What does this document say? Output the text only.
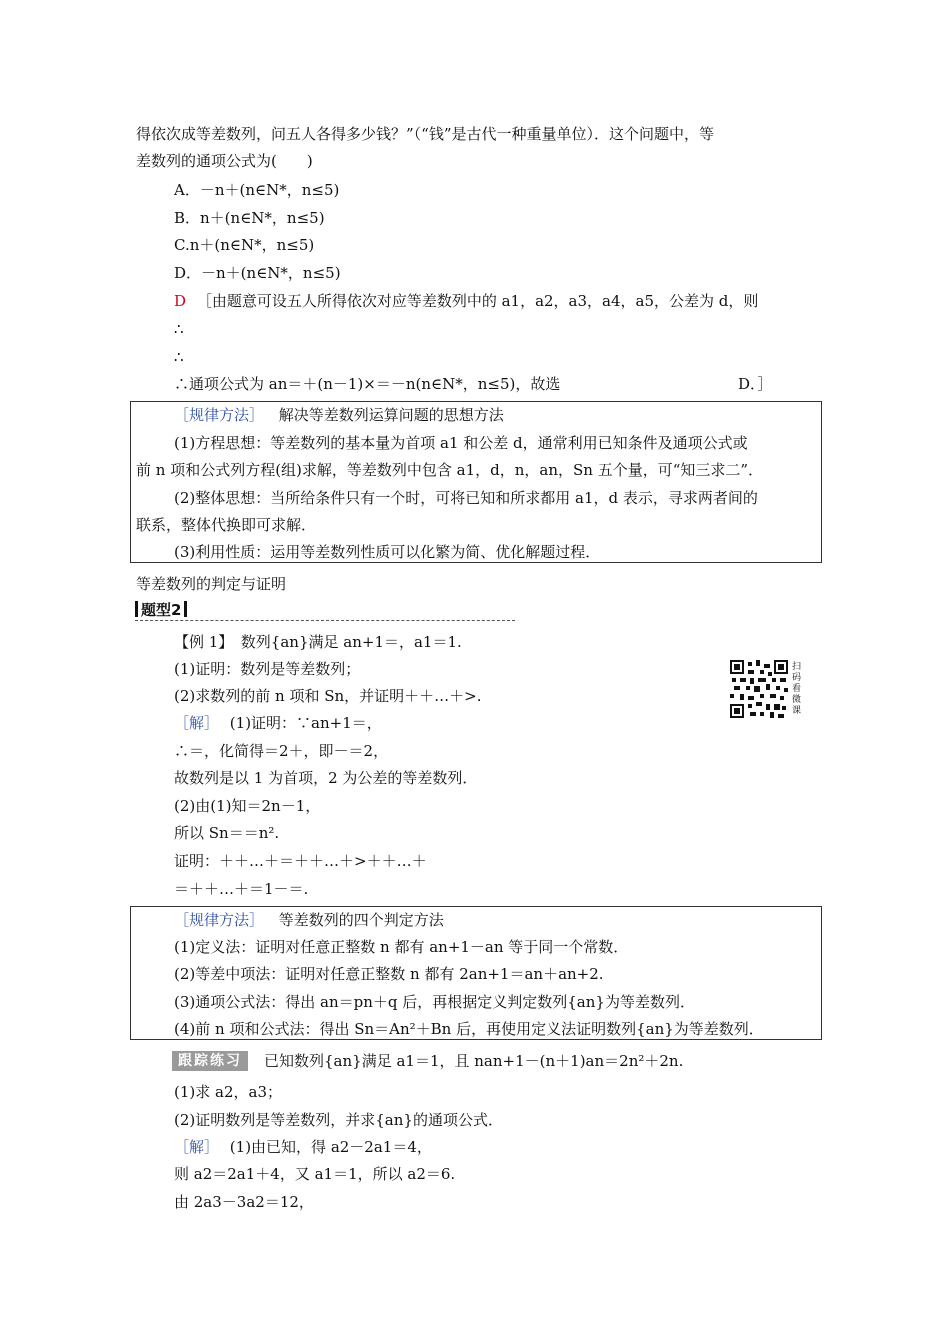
得依次成等差数列，问五人各得多少钱？”（“钱”是古代一种重量单位）．这个问题中，等
差数列的通项公式为(　　)
A．－n＋(n∈N*，n≤5)
B．n＋(n∈N*，n≤5)
C.n＋(n∈N*，n≤5)
D．－n＋(n∈N*，n≤5)
D ［由题意可设五人所得依次对应等差数列中的 a1，a2，a3，a4，a5，公差为 d，则
∴
∴
∴通项公式为 an＝＋(n－1)×＝－n(n∈N*，n≤5)，故选	D．］
［规律方法］ 解决等差数列运算问题的思想方法
(1)方程思想：等差数列的基本量为首项 a1 和公差 d，通常利用已知条件及通项公式或
前 n 项和公式列方程(组)求解，等差数列中包含 a1，d，n，an，Sn 五个量，可“知三求二”．
(2)整体思想：当所给条件只有一个时，可将已知和所求都用 a1，d 表示，寻求两者间的
联系，整体代换即可求解．
(3)利用性质：运用等差数列性质可以化繁为简、优化解题过程．
等差数列的判定与证明
题型2
【例 1】　数列{an}满足 an+1＝，a1＝1.
(1)证明：数列是等差数列；
(2)求数列的前 n 项和 Sn，并证明＋＋…＋>.
扫码看微课
［解］ (1)证明：∵an+1＝，
∴＝，化简得＝2＋，即－＝2，
故数列是以 1 为首项，2 为公差的等差数列．
(2)由(1)知＝2n－1，
所以 Sn＝＝n².
证明：＋＋…＋＝＋＋…＋>＋＋…＋
＝＋＋…＋＝1－＝.
［规律方法］ 等差数列的四个判定方法
(1)定义法：证明对任意正整数 n 都有 an+1－an 等于同一个常数．
(2)等差中项法：证明对任意正整数 n 都有 2an+1＝an＋an+2.
(3)通项公式法：得出 an＝pn＋q 后，再根据定义判定数列{an}为等差数列．
(4)前 n 项和公式法：得出 Sn＝An²＋Bn 后，再使用定义法证明数列{an}为等差数列．
跟踪练习	已知数列{an}满足 a1＝1，且 nan+1－(n＋1)an＝2n²＋2n.
(1)求 a2，a3；
(2)证明数列是等差数列，并求{an}的通项公式．
［解］ (1)由已知，得 a2－2a1＝4，
则 a2＝2a1＋4，又 a1＝1，所以 a2＝6.
由 2a3－3a2＝12，
